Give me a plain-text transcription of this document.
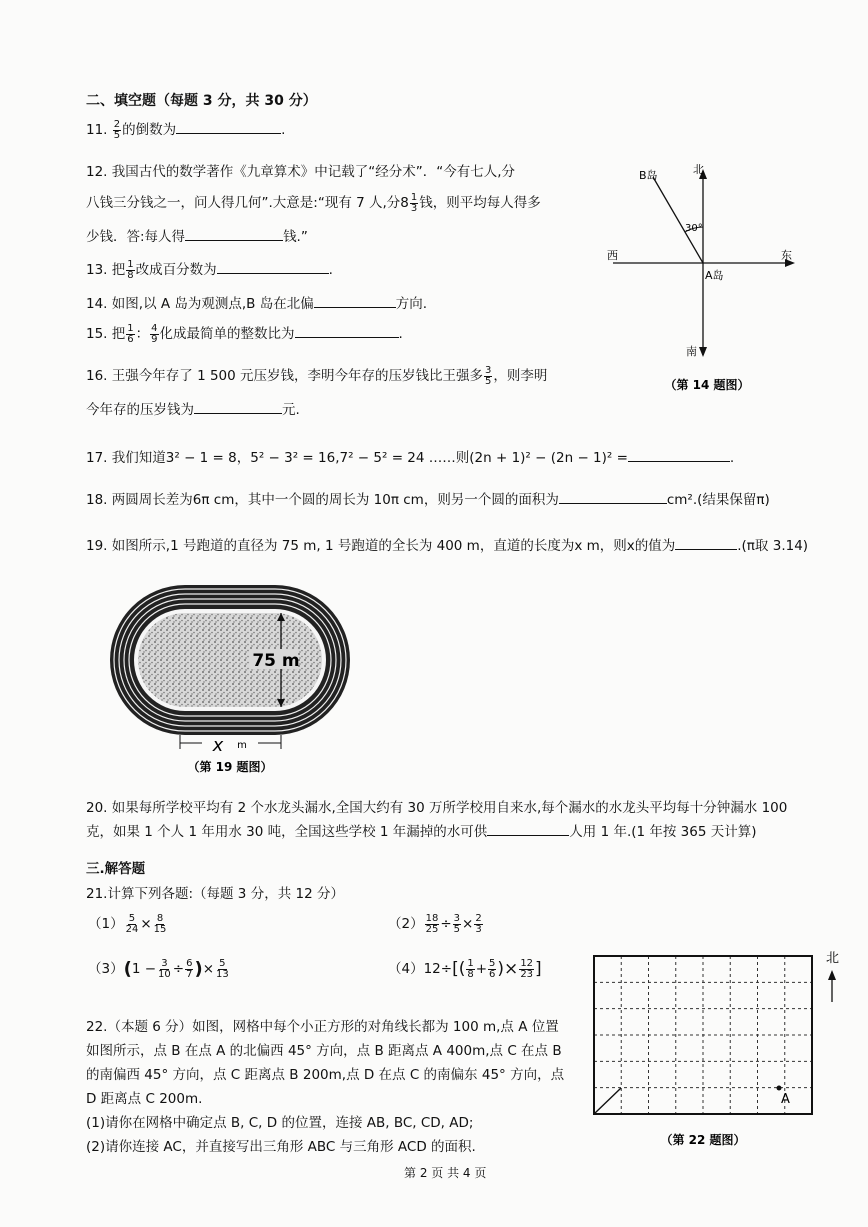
二、填空题（每题 3 分，共 30 分）
11. $\frac{2}{5}$ 的倒数为	.
12. 我国古代的数学著作《九章算术》中记载了“经分术”．“今有七人,分
八钱三分钱之一，问人得几何”.大意是:“现有 7 人,分$8 \frac{1}{3}$ 钱，则平均每人得多
少钱．答:每人得	钱.”
13. 把 $\frac{1}{8}$ 改成百分数为	.
14. 如图,以 A 岛为观测点,B 岛在北偏	方向.
15. 把 $\frac{1}{6}$ ： $\frac{4}{9}$ 化成最简单的整数比为	.
16. 王强今年存了 1 500 元压岁钱，李明今年存的压岁钱比王强多 $\frac{3}{5}$ ，则李明
今年存的压岁钱为	元.
北
南
东
西
B岛
A岛
30°
（第 14 题图）
17. 我们知道3² − 1 = 8，5² − 3² = 16,7² − 5² = 24 ……则(2n + 1)² − (2n − 1)² =	.
18. 两圆周长差为6π cm，其中一个圆的周长为 10π cm，则另一个圆的面积为	cm².(结果保留π)
19. 如图所示,1 号跑道的直径为 75 m, 1 号跑道的全长为 400 m，直道的长度为x m，则x的值为	.(π取 3.14)
75 m
x m
（第 19 题图）
20. 如果每所学校平均有 2 个水龙头漏水,全国大约有 30 万所学校用自来水,每个漏水的水龙头平均每十分钟漏水 100
克，如果 1 个人 1 年用水 30 吨，全国这些学校 1 年漏掉的水可供	人用 1 年.(1 年按 365 天计算)
三.解答题
21.计算下列各题:（每题 3 分，共 12 分）
$(1) \frac{5}{24} \times \frac{8}{15}$	$(2) \frac{18}{25} \div \frac{3}{5} \times \frac{2}{3}$
$(3)(1 - \frac{3}{10} \div \frac{6}{7}$ )× $\frac{5}{13}$	$(4)12\div[( \frac{1}{8} + \frac{5}{6}$ )× $\frac{12}{23}$ ]
22.（本题 6 分）如图，网格中每个小正方形的对角线长都为 100 m,点 A 位置
如图所示，点 B 在点 A 的北偏西 45° 方向，点 B 距离点 A 400m,点 C 在点 B
的南偏西 45° 方向，点 C 距离点 B 200m,点 D 在点 C 的南偏东 45° 方向，点
D 距离点 C 200m.
(1)请你在网格中确定点 B, C, D 的位置，连接 AB, BC, CD, AD;
(2)请你连接 AC，并直接写出三角形 ABC 与三角形 ACD 的面积.
A
北
（第 22 题图）
第 2 页 共 4 页
